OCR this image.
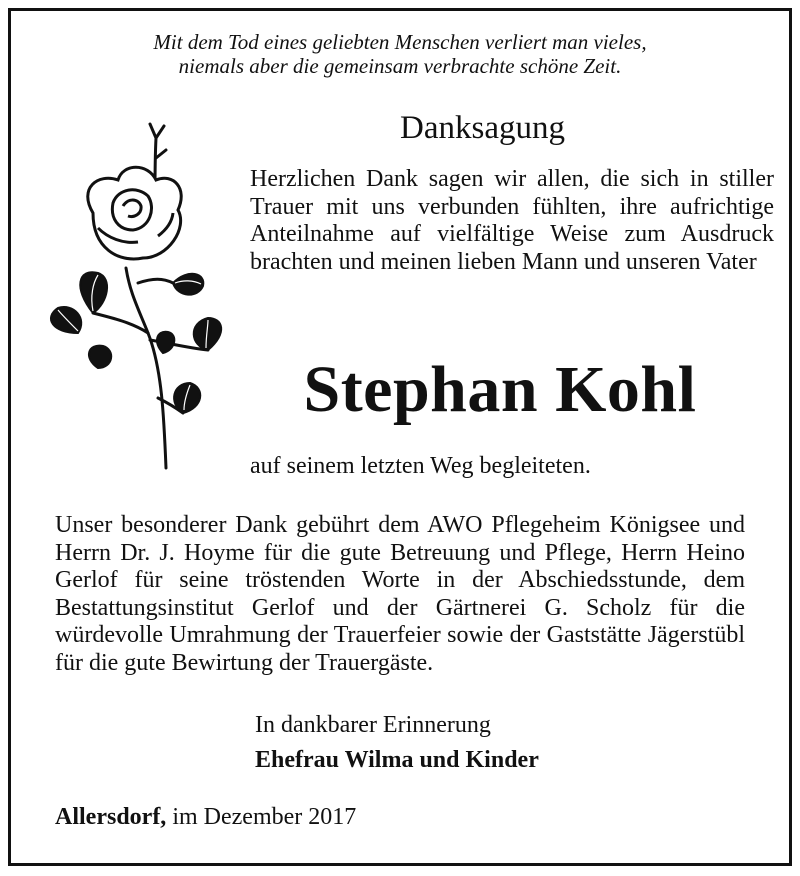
Mit dem Tod eines geliebten Menschen verliert man vieles,
niemals aber die gemeinsam verbrachte schöne Zeit.
Danksagung
Herzlichen Dank sagen wir allen, die sich in stiller Trauer mit uns verbunden fühlten, ihre aufrichtige Anteilnahme auf vielfältige Weise zum Ausdruck brachten und meinen lieben Mann und unseren Vater
Stephan Kohl
auf seinem letzten Weg begleiteten.
Unser besonderer Dank gebührt dem AWO Pflegeheim Königsee und Herrn Dr. J. Hoyme für die gute Betreuung und Pflege, Herrn Heino Gerlof für seine tröstenden Worte in der Abschiedsstunde, dem Bestattungsinstitut Gerlof und der Gärtnerei G. Scholz für die würdevolle Umrahmung der Trauerfeier sowie der Gaststätte Jägerstübl für die gute Bewirtung der Trauergäste.
In dankbarer Erinnerung
Ehefrau Wilma und Kinder
Allersdorf, im Dezember 2017
